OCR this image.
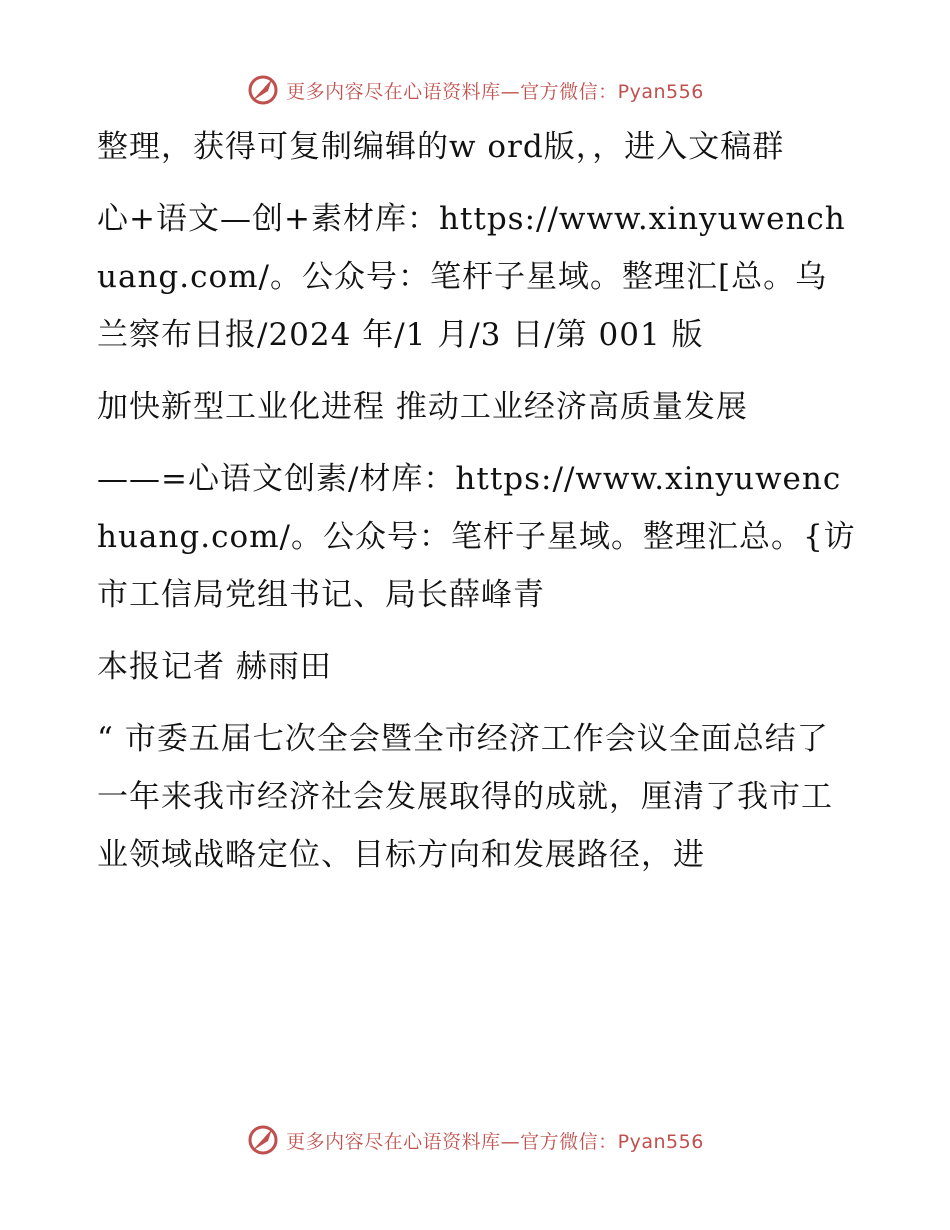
更多内容尽在心语资料库—官方微信：Pyan556

整理，获得可复制编辑的w ord版，，进入文稿群

心+语文—创+素材库：https://www.xinyuwenchuang.com/。公众号：笔杆子星域。整理汇[总。乌兰察布日报/2024 年/1 月/3 日/第 001 版

加快新型工业化进程 推动工业经济高质量发展

——=心语文创素/材库：https://www.xinyuwenchuang.com/。公众号：笔杆子星域。整理汇总。{访市工信局党组书记、局长薛峰青

本报记者 赫雨田

“ 市委五届七次全会暨全市经济工作会议全面总结了一年来我市经济社会发展取得的成就，厘清了我市工业领域战略定位、目标方向和发展路径，进

更多内容尽在心语资料库—官方微信：Pyan556
